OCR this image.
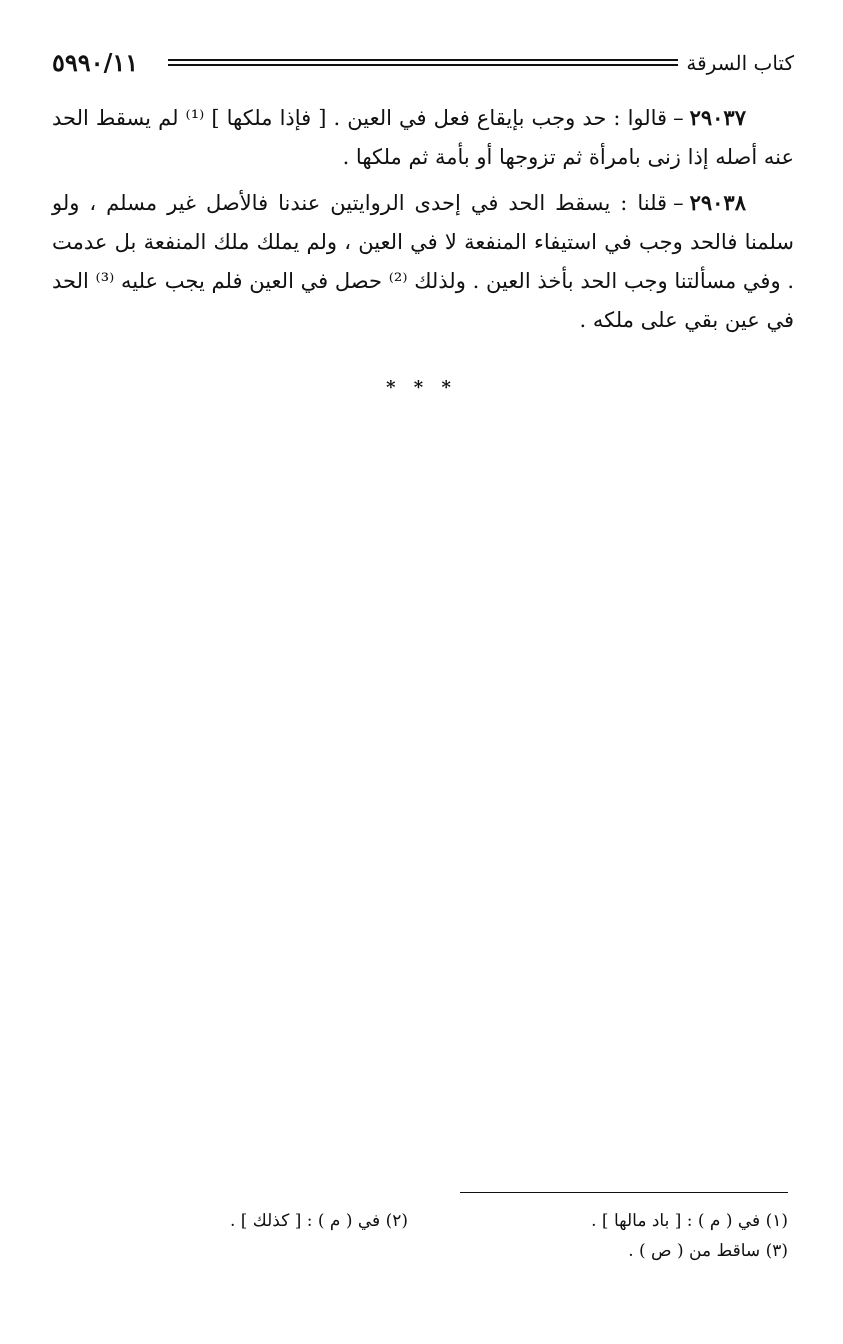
٥٩٩٠/١١	كتاب السرقة

٢٩٠٣٧–قالوا : حد وجب بإيقاع فعل في العين . [ فإذا ملكها ] ⁽¹⁾ لم يسقط الحد عنه أصله إذا زنى بامرأة ثم تزوجها أو بأمة ثم ملكها .

٢٩٠٣٨–قلنا : يسقط الحد في إحدى الروايتين عندنا فالأصل غير مسلم ، ولو سلمنا فالحد وجب في استيفاء المنفعة لا في العين ، ولم يملك ملك المنفعة بل عدمت . وفي مسألتنا وجب الحد بأخذ العين . ولذلك ⁽²⁾ حصل في العين فلم يجب عليه ⁽³⁾ الحد في عين بقي على ملكه .

* * *
(١) في ( م ) : [ باد مالها ] .
(٢) في ( م ) : [ كذلك ] .
(٣) ساقط من ( ص ) .
